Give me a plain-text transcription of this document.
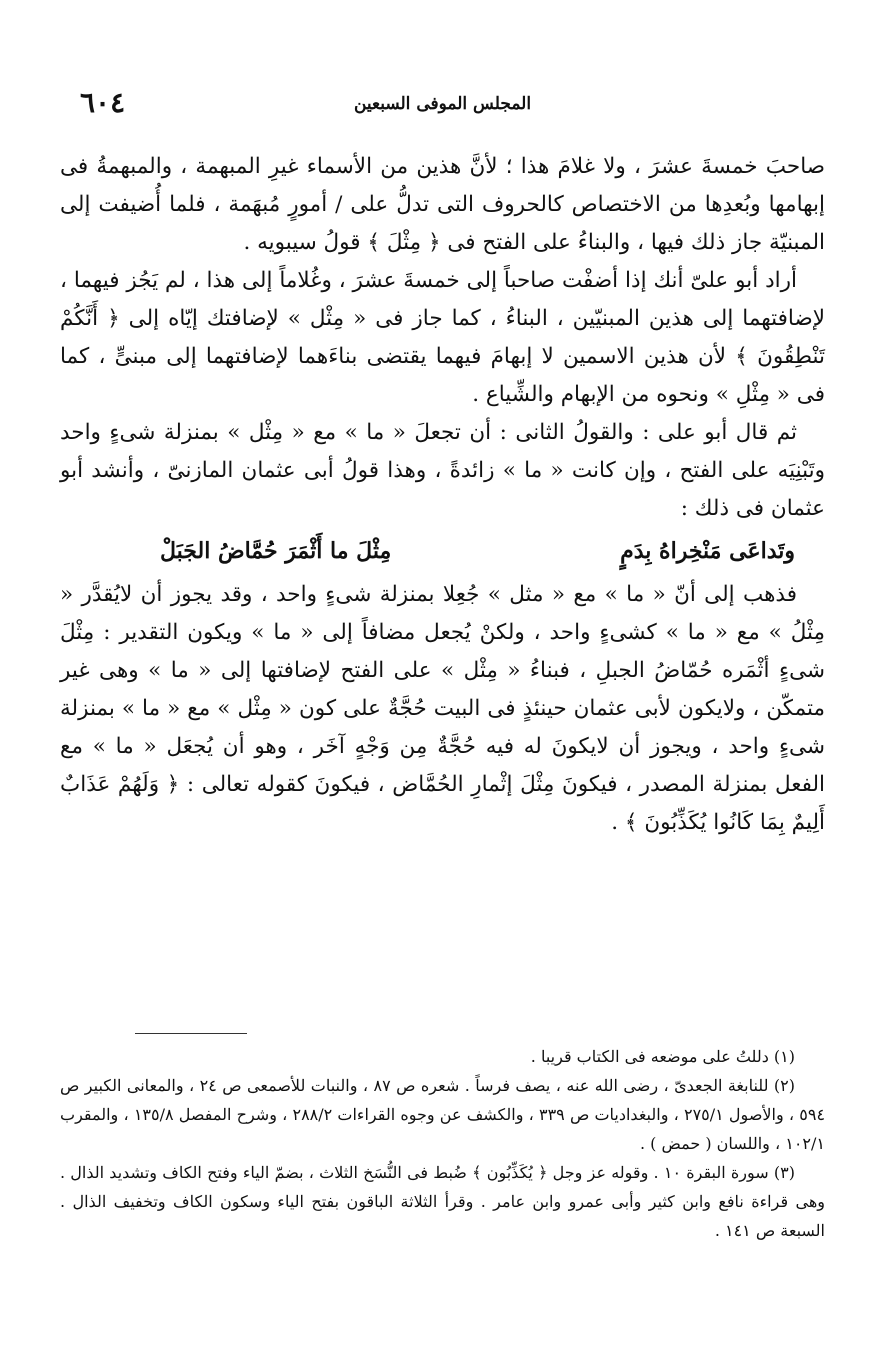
٦٠٤	المجلس الموفى السبعين

صاحبَ خمسةَ عشرَ ، ولا غلامَ هذا ؛ لأنَّ هذين من الأسماء غيرِ المبهمة ، والمبهمةُ فى إبهامها وبُعدِها من الاختصاص كالحروف التى تدلُّ على / أمورٍ مُبهَمة ، فلما أُضيفت إلى المبنيّة جاز ذلك فيها ، والبناءُ على الفتح فى ﴿ مِثْلَ ﴾ قولُ سيبويه .

أراد أبو علىّ أنك إذا أضفْت صاحباً إلى خمسةَ عشرَ ، وغُلاماً إلى هذا ، لم يَجُز فيهما ، لإضافتهما إلى هذين المبنيّين ، البناءُ ، كما جاز فى « مِثْل » لإضافتك إيّاه إلى ﴿ أَنَّكُمْ تَنْطِقُونَ ﴾ لأن هذين الاسمين لا إبهامَ فيهما يقتضى بناءَهما لإضافتهما إلى مبنىٍّ ، كما فى « مِثْلِ » ونحوه من الإبهام والشِّياع .

ثم قال أبو على : والقولُ الثانى : أن تجعلَ « ما » مع « مِثْل » بمنزلة شىءٍ واحد وتَبْنِيَه على الفتح ، وإن كانت « ما » زائدةً ، وهذا قولُ أبى عثمان المازنىّ ، وأنشد أبو عثمان فى ذلك :

وتَداعَى مَنْخِراهُ بِدَمٍ
مِثْلَ ما أَثْمَرَ حُمَّاضُ الجَبَلْ

فذهب إلى أنّ « ما » مع « مثل » جُعِلا بمنزلة شىءٍ واحد ، وقد يجوز أن لايُقدَّر « مِثْلُ » مع « ما » كشىءٍ واحد ، ولكنْ يُجعل مضافاً إلى « ما » ويكون التقدير : مِثْلَ شىءٍ أثْمَره حُمّاضُ الجبلِ ، فبناءُ « مِثْل » على الفتح لإضافتها إلى « ما » وهى غير متمكّن ، ولايكون لأبى عثمان حينئذٍ فى البيت حُجَّةٌ على كون « مِثْل » مع « ما » بمنزلة شىءٍ واحد ، ويجوز أن لايكونَ له فيه حُجَّةٌ مِن وَجْهٍ آخَر ، وهو أن يُجعَل « ما » مع الفعل بمنزلة المصدر ، فيكونَ مِثْلَ إثْمارِ الحُمَّاض ، فيكونَ كقوله تعالى : ﴿ وَلَهُمْ عَذَابٌ أَلِيمٌ بِمَا كَانُوا يُكَذِّبُونَ ﴾ .

(١) دللتُ على موضعه فى الكتاب قريبا .

(٢) للنابغة الجعدىّ ، رضى الله عنه ، يصف فرساً . شعره ص ٨٧ ، والنبات للأصمعى ص ٢٤ ، والمعانى الكبير ص ٥٩٤ ، والأصول ٢٧٥/١ ، والبغداديات ص ٣٣٩ ، والكشف عن وجوه القراءات ٢٨٨/٢ ، وشرح المفصل ١٣٥/٨ ، والمقرب ١٠٢/١ ، واللسان ( حمض ) .

(٣) سورة البقرة ١٠ . وقوله عز وجل ﴿ يُكَذِّبُون ﴾ ضُبط فى النُّسَخ الثلاث ، بضمّ الياء وفتح الكاف وتشديد الذال . وهى قراءة نافع وابن كثير وأبى عمرو وابن عامر . وقرأ الثلاثة الباقون بفتح الياء وسكون الكاف وتخفيف الذال . السبعة ص ١٤١ .
